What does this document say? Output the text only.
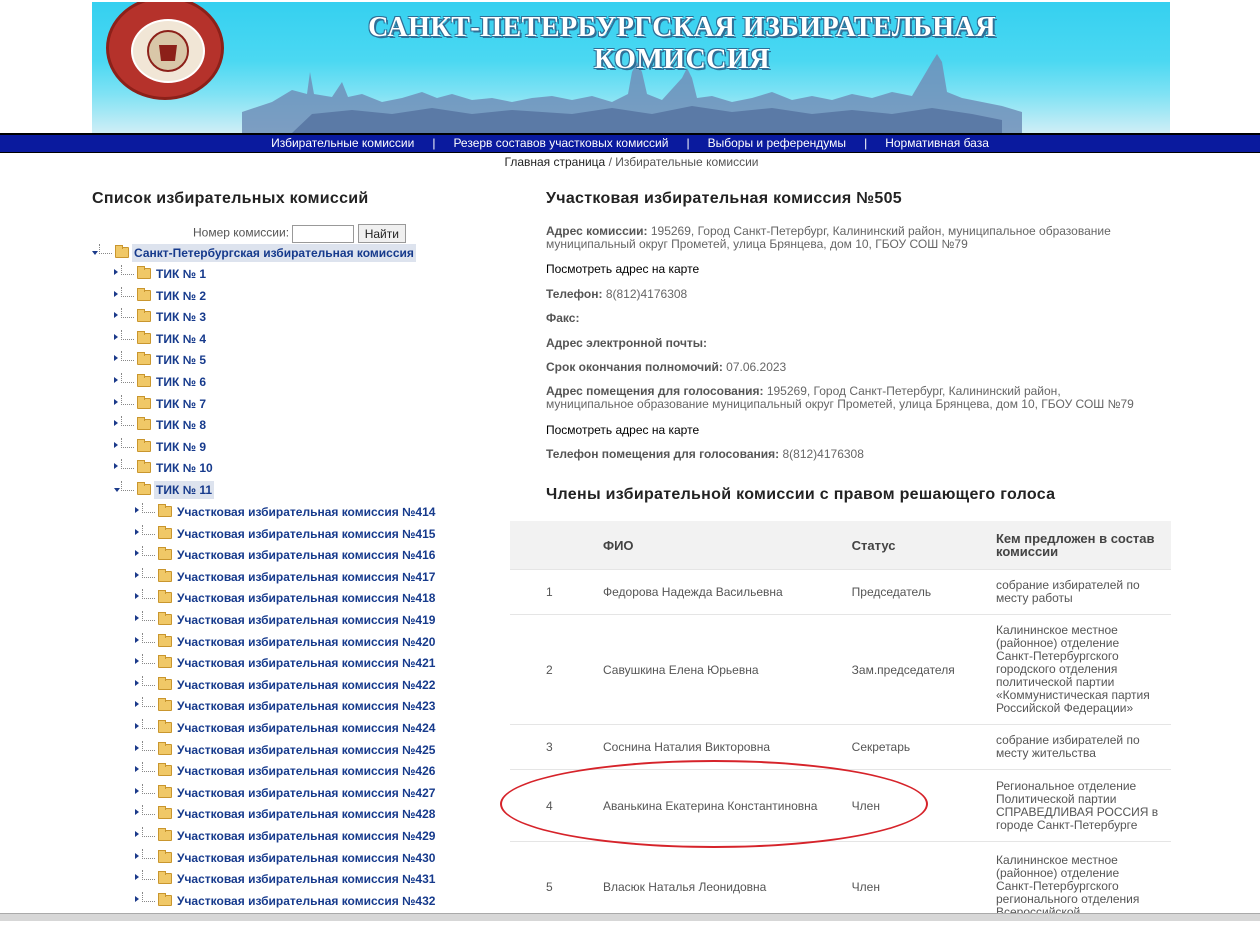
САНКТ-ПЕТЕРБУРГСКАЯ ИЗБИРАТЕЛЬНАЯ КОМИССИЯ
Избирательные комиссии | Резерв составов участковых комиссий | Выборы и референдумы | Нормативная база
Главная страница / Избирательные комиссии
Список избирательных комиссий
Номер комиссии:	Найти
Санкт-Петербургская избирательная комиссия
ТИК № 1
ТИК № 2
ТИК № 3
ТИК № 4
ТИК № 5
ТИК № 6
ТИК № 7
ТИК № 8
ТИК № 9
ТИК № 10
ТИК № 11
Участковая избирательная комиссия №414
Участковая избирательная комиссия №415
Участковая избирательная комиссия №416
Участковая избирательная комиссия №417
Участковая избирательная комиссия №418
Участковая избирательная комиссия №419
Участковая избирательная комиссия №420
Участковая избирательная комиссия №421
Участковая избирательная комиссия №422
Участковая избирательная комиссия №423
Участковая избирательная комиссия №424
Участковая избирательная комиссия №425
Участковая избирательная комиссия №426
Участковая избирательная комиссия №427
Участковая избирательная комиссия №428
Участковая избирательная комиссия №429
Участковая избирательная комиссия №430
Участковая избирательная комиссия №431
Участковая избирательная комиссия №432
Участковая избирательная комиссия №505
Адрес комиссии: 195269, Город Санкт-Петербург, Калининский район, муниципальное образование муниципальный округ Прометей, улица Брянцева, дом 10, ГБОУ СОШ №79
Посмотреть адрес на карте
Телефон: 8(812)4176308
Факс:
Адрес электронной почты:
Срок окончания полномочий: 07.06.2023
Адрес помещения для голосования: 195269, Город Санкт-Петербург, Калининский район, муниципальное образование муниципальный округ Прометей, улица Брянцева, дом 10, ГБОУ СОШ №79
Посмотреть адрес на карте
Телефон помещения для голосования: 8(812)4176308
Члены избирательной комиссии с правом решающего голоса
	ФИО	Статус	Кем предложен в состав комиссии
1	Федорова Надежда Васильевна	Председатель	собрание избирателей по месту работы
2	Савушкина Елена Юрьевна	Зам.председателя	Калининское местное (районное) отделение Санкт-Петербургского городского отделения политической партии «Коммунистическая партия Российской Федерации»
3	Соснина Наталия Викторовна	Секретарь	собрание избирателей по месту жительства
4	Аванькина Екатерина Константиновна	Член	Региональное отделение Политической партии СПРАВЕДЛИВАЯ РОССИЯ в городе Санкт-Петербурге
5	Власюк Наталья Леонидовна	Член	Калининское местное (районное) отделение Санкт-Петербургского регионального отделения
